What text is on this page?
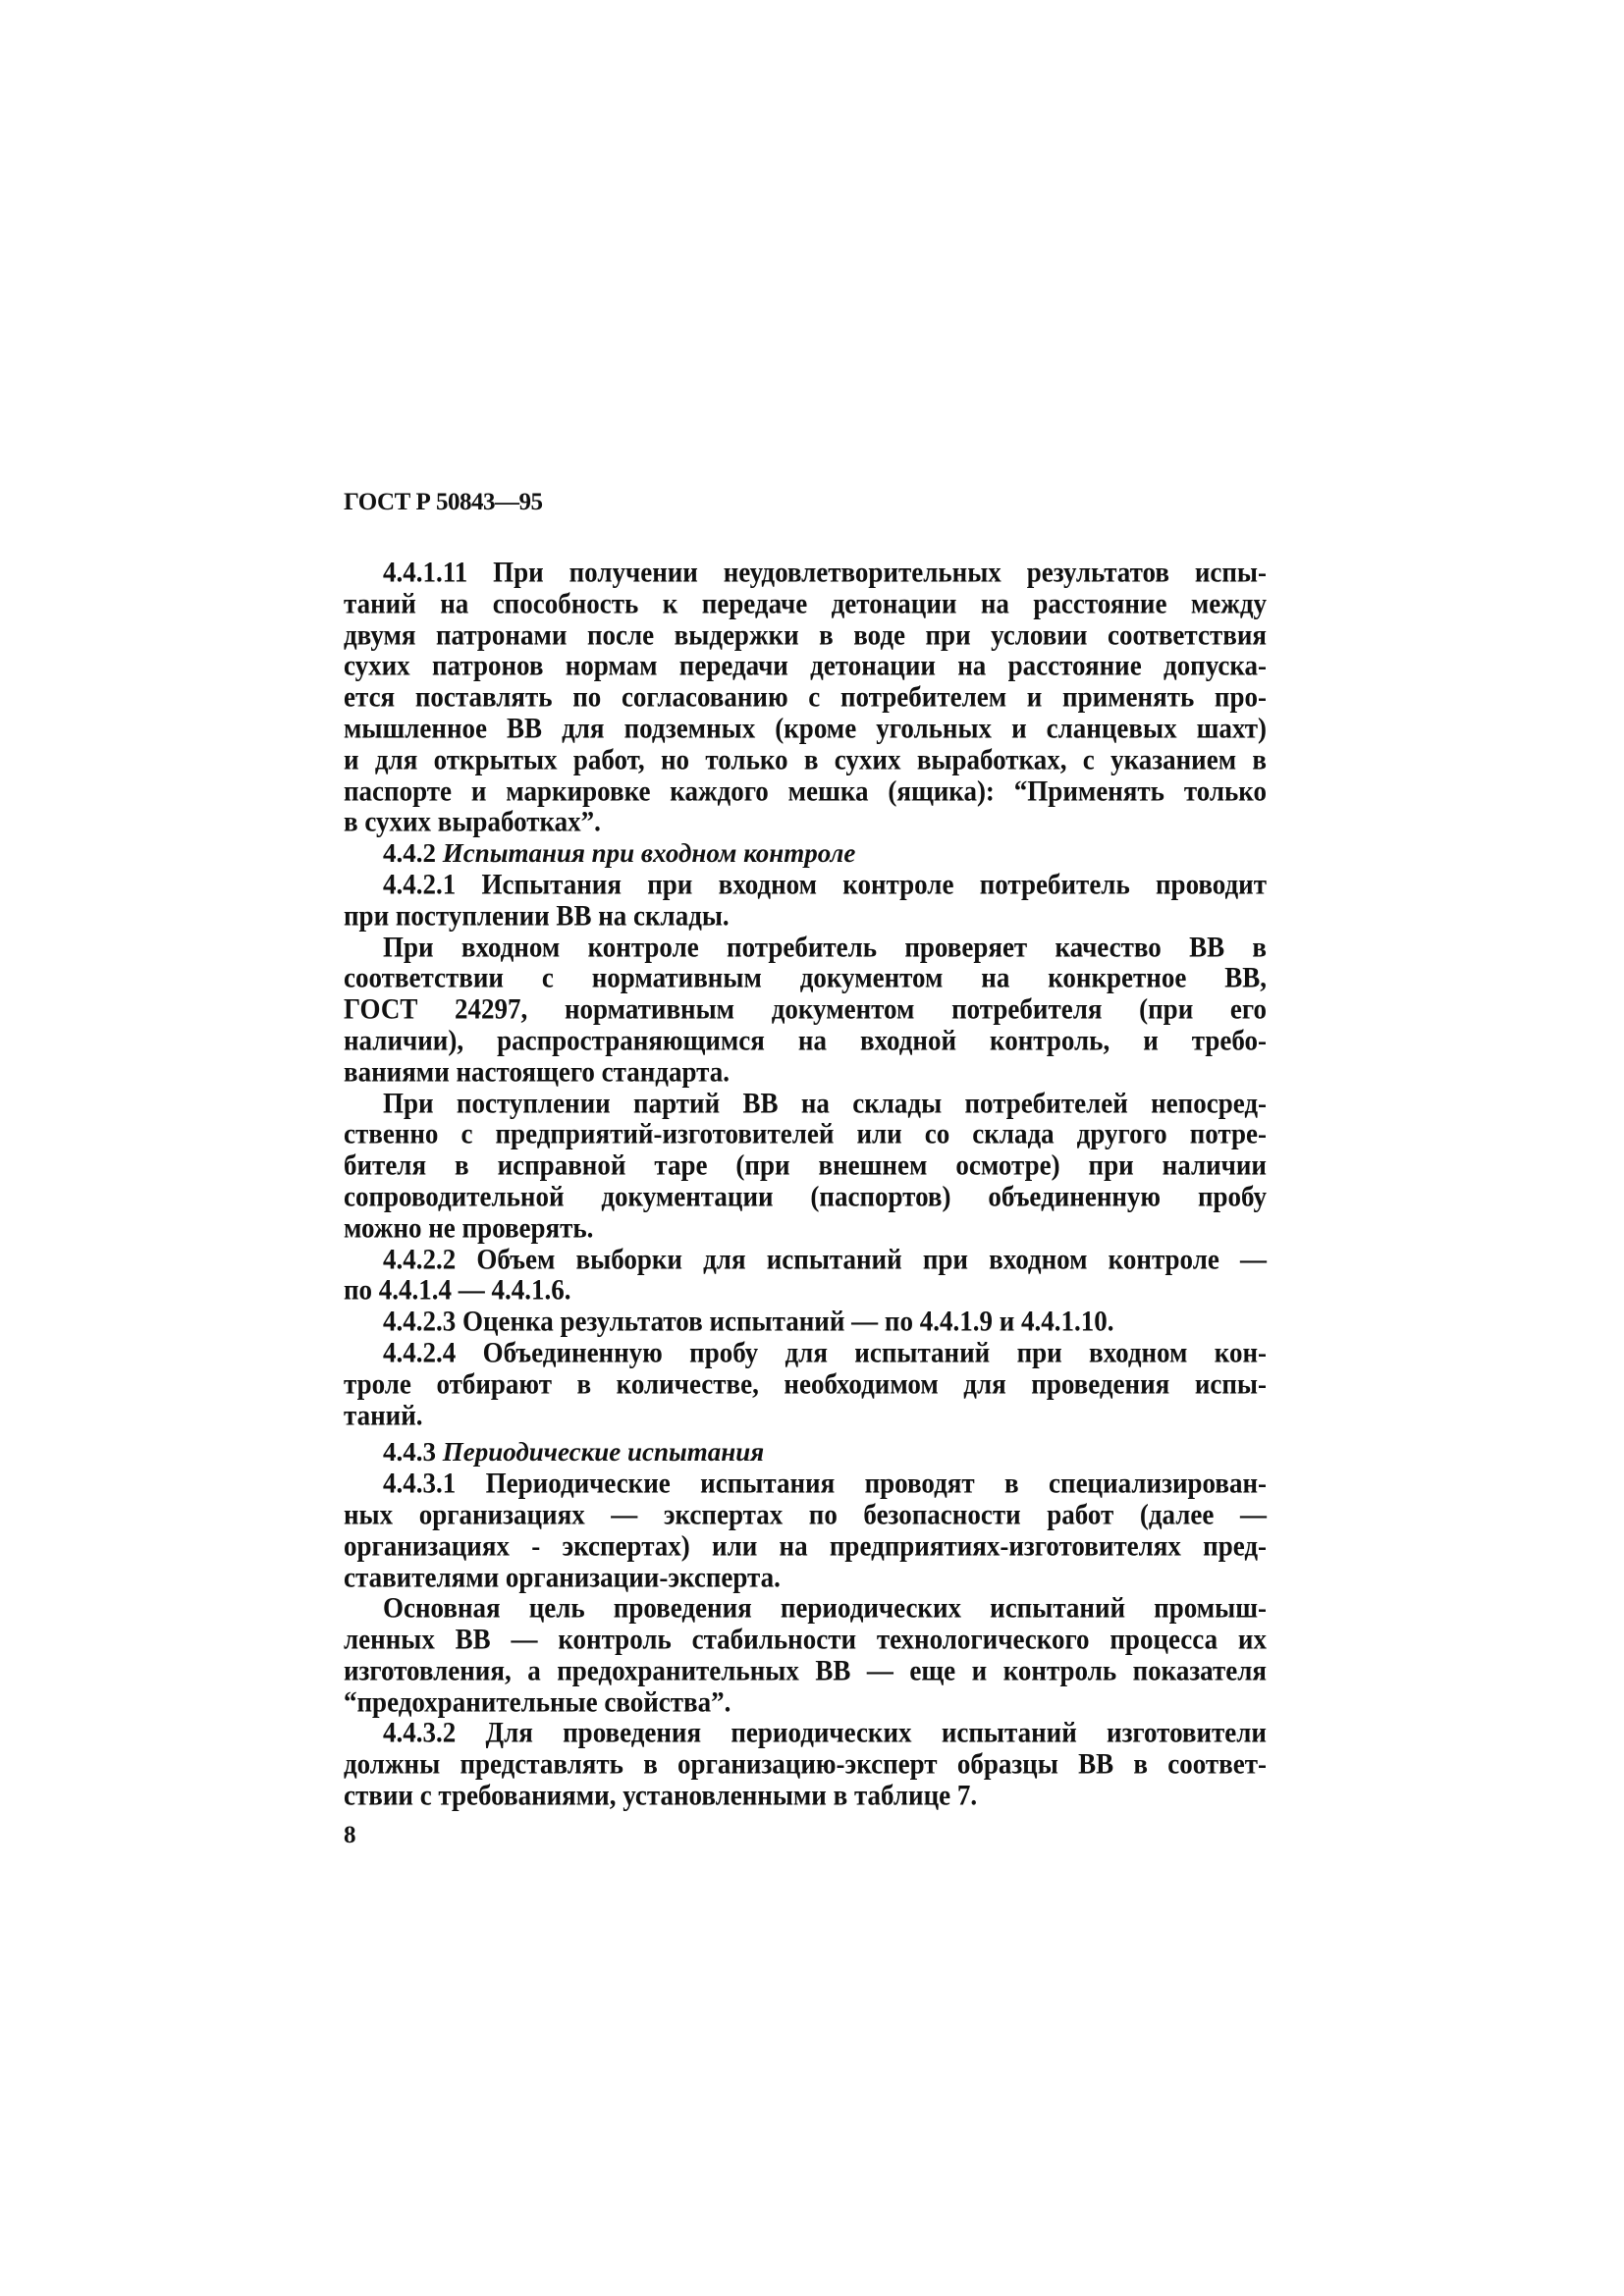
ГОСТ Р 50843—95
4.4.1.11 При получении неудовлетворительных результатов испы-
таний на способность к передаче детонации на расстояние между
двумя патронами после выдержки в воде при условии соответствия
сухих патронов нормам передачи детонации на расстояние допуска-
ется поставлять по согласованию с потребителем и применять про-
мышленное ВВ для подземных (кроме угольных и сланцевых шахт)
и для открытых работ, но только в сухих выработках, с указанием в
паспорте и маркировке каждого мешка (ящика): “Применять только
в сухих выработках”.
4.4.2 Испытания при входном контроле
4.4.2.1 Испытания при входном контроле потребитель проводит
при поступлении ВВ на склады.
При входном контроле потребитель проверяет качество ВВ в
соответствии с нормативным документом на конкретное ВВ,
ГОСТ 24297, нормативным документом потребителя (при его
наличии), распространяющимся на входной контроль, и требо-
ваниями настоящего стандарта.
При поступлении партий ВВ на склады потребителей непосред-
ственно с предприятий-изготовителей или со склада другого потре-
бителя в исправной таре (при внешнем осмотре) при наличии
сопроводительной документации (паспортов) объединенную пробу
можно не проверять.
4.4.2.2 Объем выборки для испытаний при входном контроле —
по 4.4.1.4 — 4.4.1.6.
4.4.2.3 Оценка результатов испытаний — по 4.4.1.9 и 4.4.1.10.
4.4.2.4 Объединенную пробу для испытаний при входном кон-
троле отбирают в количестве, необходимом для проведения испы-
таний.
4.4.3 Периодические испытания
4.4.3.1 Периодические испытания проводят в специализирован-
ных организациях — экспертах по безопасности работ (далее —
организациях - экспертах) или на предприятиях-изготовителях пред-
ставителями организации-эксперта.
Основная цель проведения периодических испытаний промыш-
ленных ВВ — контроль стабильности технологического процесса их
изготовления, а предохранительных ВВ — еще и контроль показателя
“предохранительные свойства”.
4.4.3.2 Для проведения периодических испытаний изготовители
должны представлять в организацию-эксперт образцы ВВ в соответ-
ствии с требованиями, установленными в таблице 7.
8
